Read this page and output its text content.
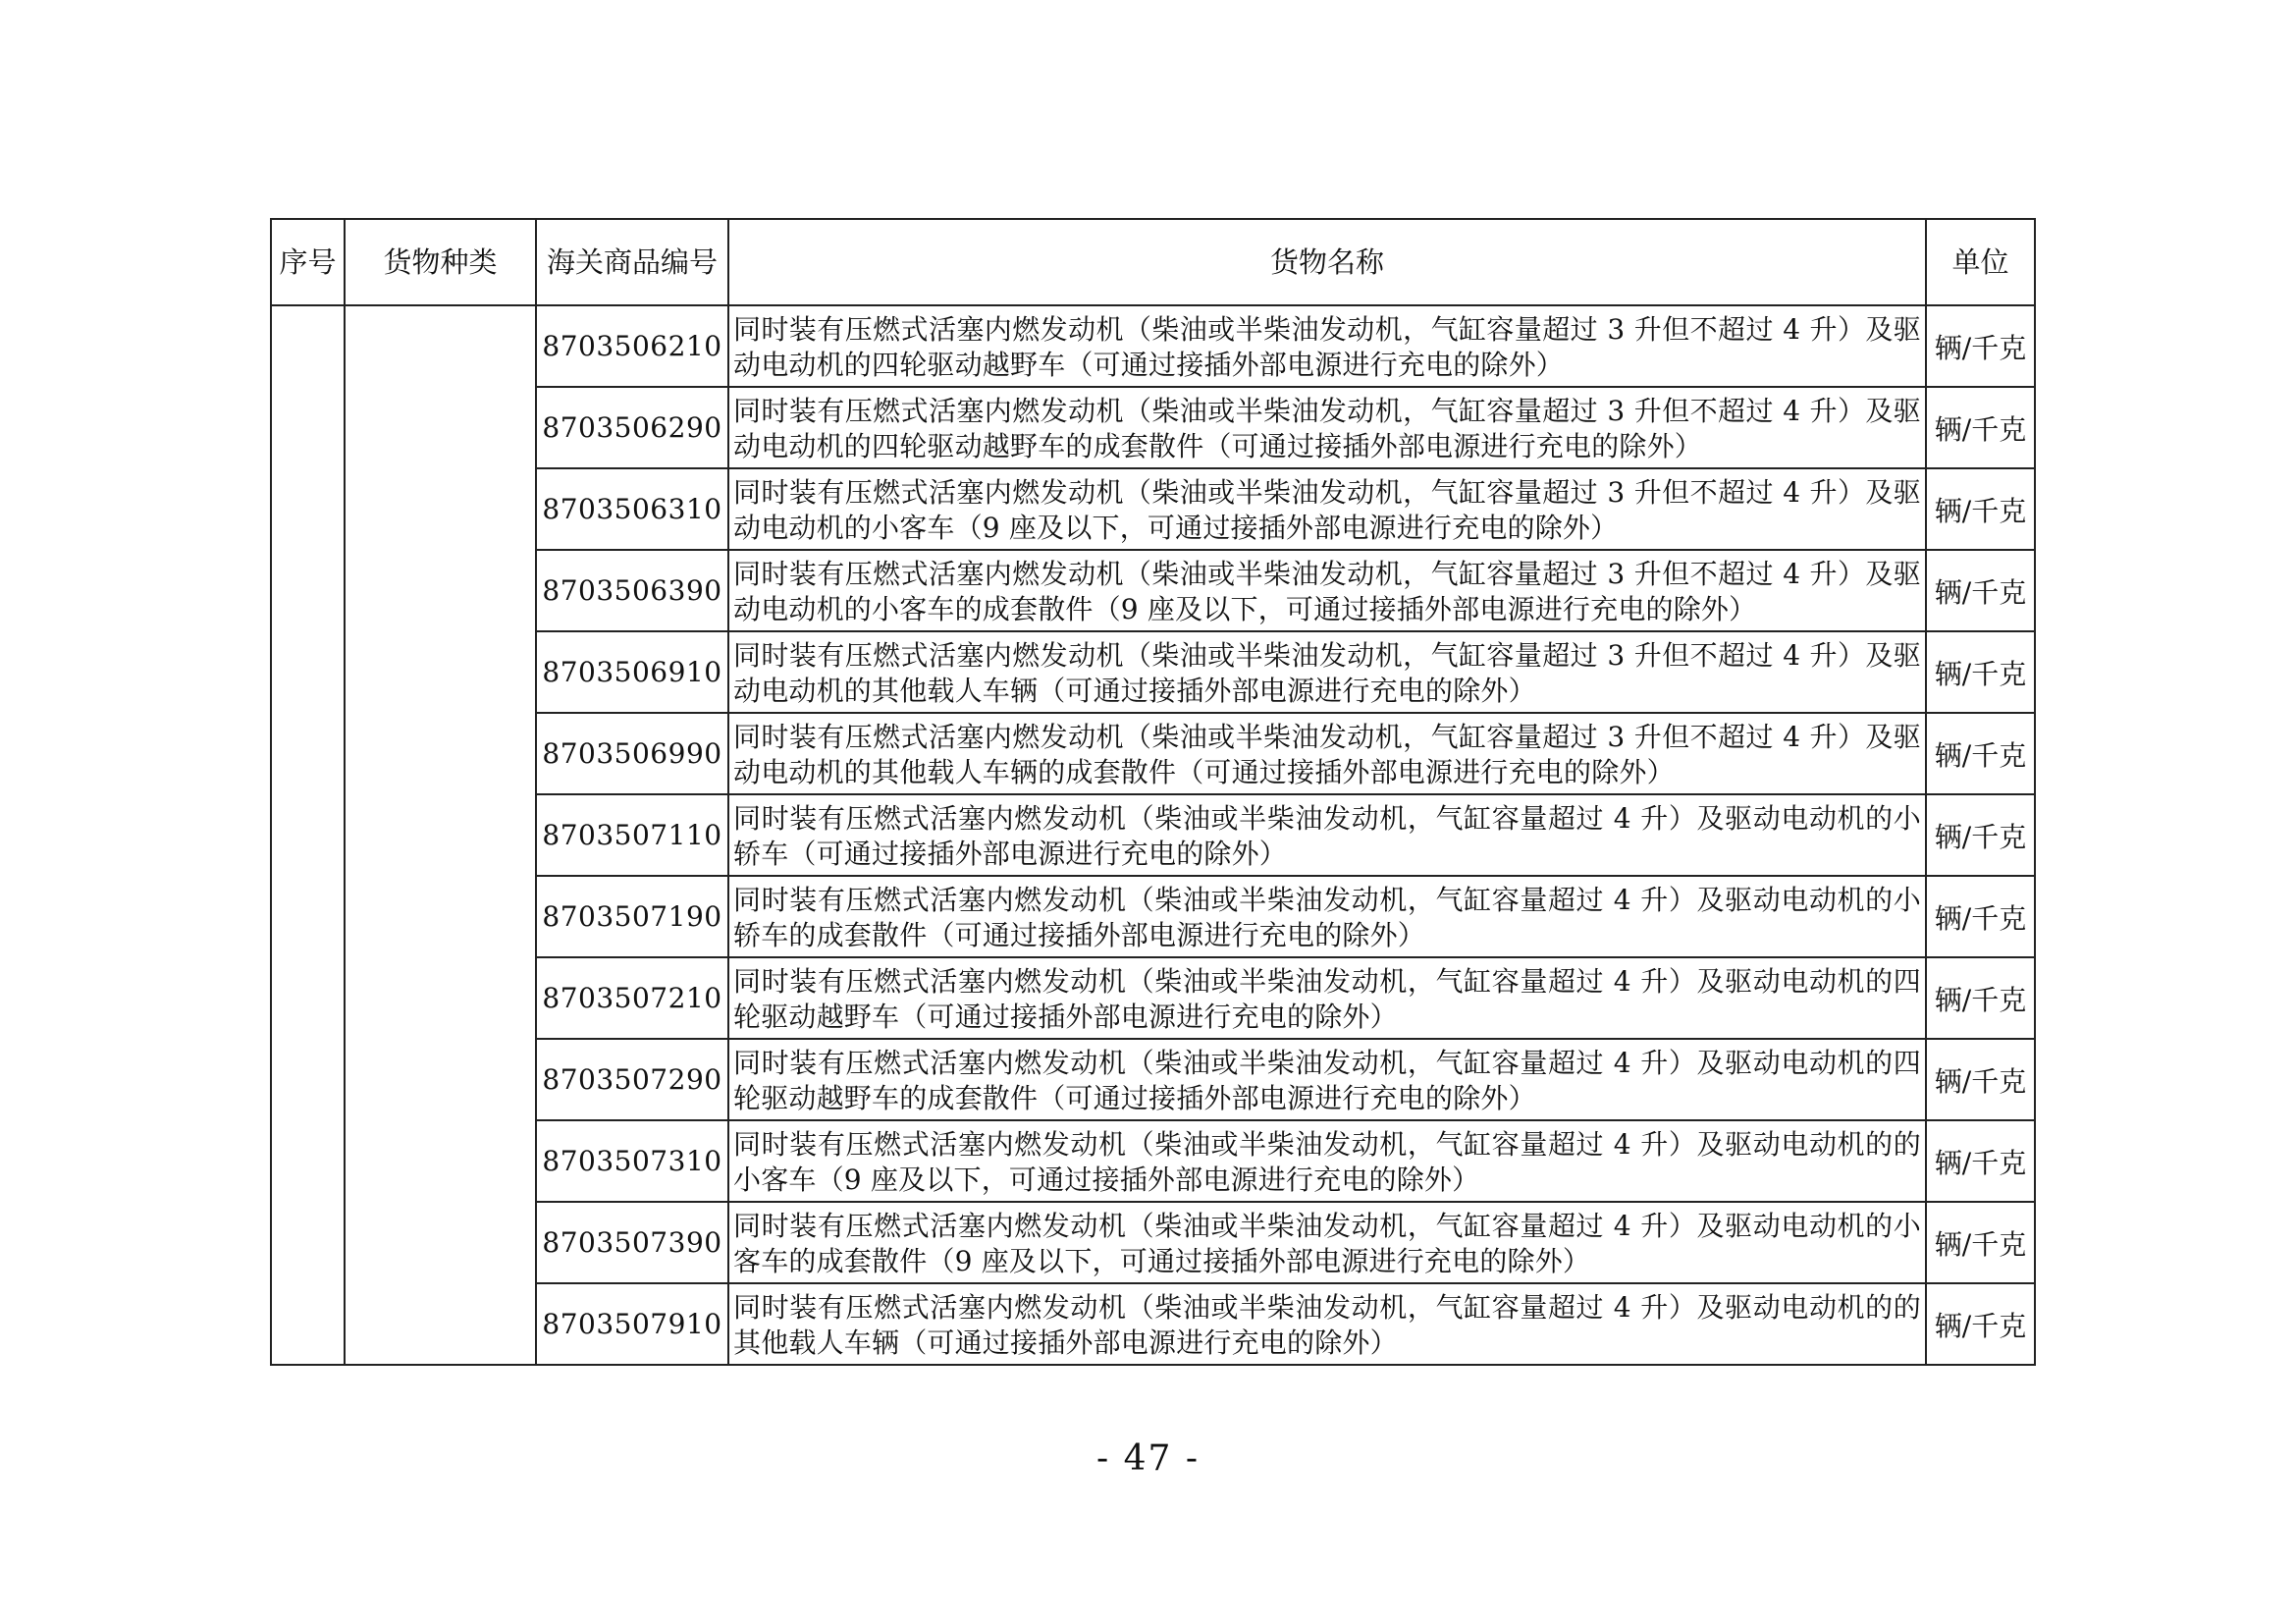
序号	货物种类	海关商品编号	货物名称	单位
		8703506210	同时装有压燃式活塞内燃发动机（柴油或半柴油发动机，气缸容量超过 3 升但不超过 4 升）及驱动电动机的四轮驱动越野车（可通过接插外部电源进行充电的除外）	辆/千克
		8703506290	同时装有压燃式活塞内燃发动机（柴油或半柴油发动机，气缸容量超过 3 升但不超过 4 升）及驱动电动机的四轮驱动越野车的成套散件（可通过接插外部电源进行充电的除外）	辆/千克
		8703506310	同时装有压燃式活塞内燃发动机（柴油或半柴油发动机，气缸容量超过 3 升但不超过 4 升）及驱动电动机的小客车（9 座及以下，可通过接插外部电源进行充电的除外）	辆/千克
		8703506390	同时装有压燃式活塞内燃发动机（柴油或半柴油发动机，气缸容量超过 3 升但不超过 4 升）及驱动电动机的小客车的成套散件（9 座及以下，可通过接插外部电源进行充电的除外）	辆/千克
		8703506910	同时装有压燃式活塞内燃发动机（柴油或半柴油发动机，气缸容量超过 3 升但不超过 4 升）及驱动电动机的其他载人车辆（可通过接插外部电源进行充电的除外）	辆/千克
		8703506990	同时装有压燃式活塞内燃发动机（柴油或半柴油发动机，气缸容量超过 3 升但不超过 4 升）及驱动电动机的其他载人车辆的成套散件（可通过接插外部电源进行充电的除外）	辆/千克
		8703507110	同时装有压燃式活塞内燃发动机（柴油或半柴油发动机，气缸容量超过 4 升）及驱动电动机的小轿车（可通过接插外部电源进行充电的除外）	辆/千克
		8703507190	同时装有压燃式活塞内燃发动机（柴油或半柴油发动机，气缸容量超过 4 升）及驱动电动机的小轿车的成套散件（可通过接插外部电源进行充电的除外）	辆/千克
		8703507210	同时装有压燃式活塞内燃发动机（柴油或半柴油发动机，气缸容量超过 4 升）及驱动电动机的四轮驱动越野车（可通过接插外部电源进行充电的除外）	辆/千克
		8703507290	同时装有压燃式活塞内燃发动机（柴油或半柴油发动机，气缸容量超过 4 升）及驱动电动机的四轮驱动越野车的成套散件（可通过接插外部电源进行充电的除外）	辆/千克
		8703507310	同时装有压燃式活塞内燃发动机（柴油或半柴油发动机，气缸容量超过 4 升）及驱动电动机的的小客车（9 座及以下，可通过接插外部电源进行充电的除外）	辆/千克
		8703507390	同时装有压燃式活塞内燃发动机（柴油或半柴油发动机，气缸容量超过 4 升）及驱动电动机的小客车的成套散件（9 座及以下，可通过接插外部电源进行充电的除外）	辆/千克
		8703507910	同时装有压燃式活塞内燃发动机（柴油或半柴油发动机，气缸容量超过 4 升）及驱动电动机的的其他载人车辆（可通过接插外部电源进行充电的除外）	辆/千克
- 47 -
